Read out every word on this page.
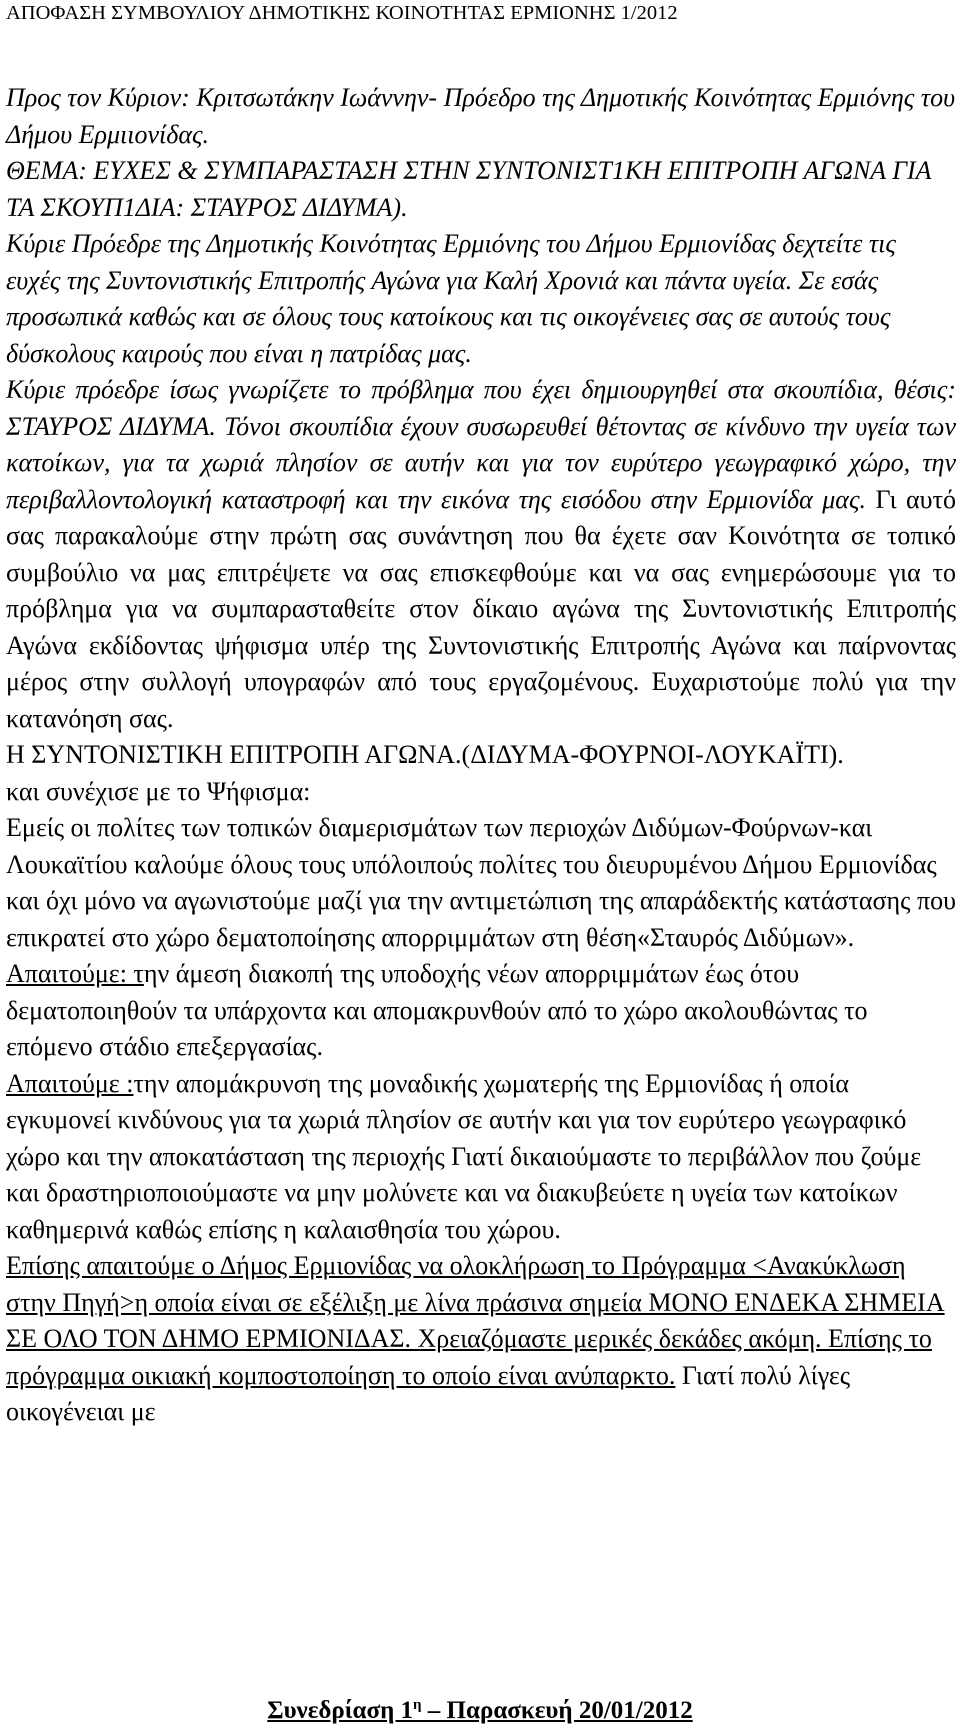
ΑΠΟΦΑΣΗ ΣΥΜΒΟΥΛΙΟΥ ΔΗΜΟΤΙΚΗΣ ΚΟΙΝΟΤΗΤΑΣ ΕΡΜΙΟΝΗΣ 1/2012

Προς τον Κύριον: Κριτσωτάκην Ιωάννην- Πρόεδρο της Δημοτικής Κοινότητας Ερμιόνης του Δήμου Ερμιιονίδας.

ΘΕΜΑ: ΕΥΧΕΣ & ΣΥΜΠΑΡΑΣΤΑΣΗ ΣΤΗΝ ΣΥΝΤΟΝΙΣΤ1ΚΗ ΕΠΙΤΡΟΠΗ ΑΓΩΝΑ ΓΙΑ ΤΑ ΣΚΟΥΠ1ΔΙΑ: ΣΤΑΥΡΟΣ ΔΙΔΥΜΑ).

Κύριε Πρόεδρε της Δημοτικής Κοινότητας Ερμιόνης του Δήμου Ερμιονίδας δεχτείτε τις ευχές της Συντονιστικής Επιτροπής Αγώνα για Καλή Χρονιά και πάντα υγεία. Σε εσάς προσωπικά καθώς και σε όλους τους κατοίκους και τις οικογένειες σας σε αυτούς τους δύσκολους καιρούς που είναι η πατρίδας μας.

Κύριε πρόεδρε ίσως γνωρίζετε το πρόβλημα που έχει δημιουργηθεί στα σκουπίδια, θέσις: ΣΤΑΥΡΟΣ ΔΙΔΥΜΑ. Τόνοι σκουπίδια έχουν συσωρευθεί θέτοντας σε κίνδυνο την υγεία των κατοίκων, για τα χωριά πλησίον σε αυτήν και για τον ευρύτερο γεωγραφικό χώρο, την περιβαλλοντολογική καταστροφή και την εικόνα της εισόδου στην Ερμιονίδα μας. Γι αυτό σας παρακαλούμε στην πρώτη σας συνάντηση που θα έχετε σαν Κοινότητα σε τοπικό συμβούλιο να μας επιτρέψετε να σας επισκεφθούμε και να σας ενημερώσουμε για το πρόβλημα για να συμπαρασταθείτε στον δίκαιο αγώνα της Συντονιστικής Επιτροπής Αγώνα εκδίδοντας ψήφισμα υπέρ της Συντονιστικής Επιτροπής Αγώνα και παίρνοντας μέρος στην συλλογή υπογραφών από τους εργαζομένους. Ευχαριστούμε πολύ για την κατανόηση σας.

Η ΣΥΝΤΟΝΙΣΤΙΚΗ ΕΠΙΤΡΟΠΗ ΑΓΩΝΑ.(ΔΙΔΥΜΑ-ΦΟΥΡΝΟΙ-ΛΟΥΚΑΪΤΙ).

και συνέχισε με το Ψήφισμα:

Εμείς οι πολίτες των τοπικών διαμερισμάτων των περιοχών Διδύμων-Φούρνων-και Λουκαϊτίου καλούμε όλους τους υπόλοιπούς πολίτες του διευρυμένου Δήμου Ερμιονίδας και όχι μόνο να αγωνιστούμε μαζί για την αντιμετώπιση της απαράδεκτής κατάστασης που επικρατεί στο χώρο δεματοποίησης απορριμμάτων στη θέση«Σταυρός Διδύμων».

Απαιτούμε: την άμεση διακοπή της υποδοχής νέων απορριμμάτων έως ότου δεματοποιηθούν τα υπάρχοντα και απομακρυνθούν από το χώρο ακολουθώντας το επόμενο στάδιο επεξεργασίας.

Απαιτούμε :την απομάκρυνση της μοναδικής χωματερής της Ερμιονίδας ή οποία εγκυμονεί κινδύνους για τα χωριά πλησίον σε αυτήν και για τον ευρύτερο γεωγραφικό χώρο και την αποκατάσταση της περιοχής Γιατί δικαιούμαστε το περιβάλλον που ζούμε και δραστηριοποιούμαστε να μην μολύνετε και να διακυβεύετε η υγεία των κατοίκων καθημερινά καθώς επίσης η καλαισθησία του χώρου.

Επίσης απαιτούμε ο Δήμος Ερμιονίδας να ολοκλήρωση το Πρόγραμμα <Ανακύκλωση στην Πηγή>η οποία είναι σε εξέλιξη με λίνα πράσινα σημεία ΜΟΝΟ ΕΝΔΕΚΑ ΣΗΜΕΙΑ ΣΕ ΟΛΟ ΤΟΝ ΔΗΜΟ ΕΡΜΙΟΝΙΔΑΣ. Χρειαζόμαστε μερικές δεκάδες ακόμη. Επίσης το πρόγραμμα οικιακή κομποστοποίηση το οποίο είναι ανύπαρκτο. Γιατί πολύ λίγες οικογένειαι με

Συνεδρίαση $1^\eta$ – Παρασκευή 20/01/2012
